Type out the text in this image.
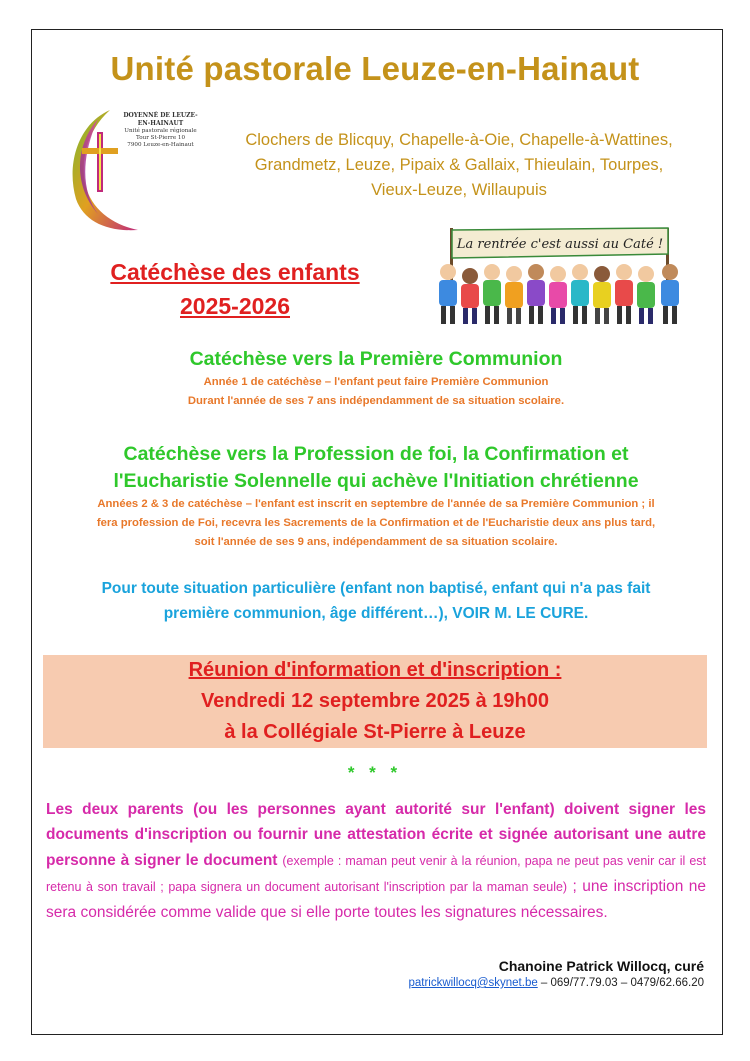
Unité pastorale Leuze-en-Hainaut
DOYENNÉ DE LEUZE-EN-HAINAUT
Unité pastorale régionale
Tour St-Pierre 10
7900 Leuze-en-Hainaut	Clochers de Blicquy, Chapelle-à-Oie, Chapelle-à-Wattines,
Grandmetz, Leuze, Pipaix & Gallaix, Thieulain, Tourpes,
Vieux-Leuze, Willaupuis
Catéchèse des enfants
2025-2026
La rentrée c'est aussi au Caté !
Catéchèse vers la Première Communion
Année 1 de catéchèse – l'enfant peut faire Première Communion
Durant l'année de ses 7 ans indépendamment de sa situation scolaire.
Catéchèse vers la Profession de foi, la Confirmation et
l'Eucharistie Solennelle qui achève l'Initiation chrétienne
Années 2 & 3 de catéchèse – l'enfant est inscrit en septembre de l'année de sa Première Communion ; il
fera profession de Foi, recevra les Sacrements de la Confirmation et de l'Eucharistie deux ans plus tard,
soit l'année de ses 9 ans, indépendamment de sa situation scolaire.
Pour toute situation particulière (enfant non baptisé, enfant qui n'a pas fait
première communion, âge différent…), VOIR M. LE CURE.
Réunion d'information et d'inscription :
Vendredi 12 septembre 2025 à 19h00
à la Collégiale St-Pierre à Leuze
* * *
Les deux parents (ou les personnes ayant autorité sur l'enfant) doivent signer les documents d'inscription ou fournir une attestation écrite et signée autorisant une autre personne à signer le document (exemple : maman peut venir à la réunion, papa ne peut pas venir car il est retenu à son travail ; papa signera un document autorisant l'inscription par la maman seule) ; une inscription ne sera considérée comme valide que si elle porte toutes les signatures nécessaires.
Chanoine Patrick Willocq, curé
patrickwillocq@skynet.be – 069/77.79.03 – 0479/62.66.20
